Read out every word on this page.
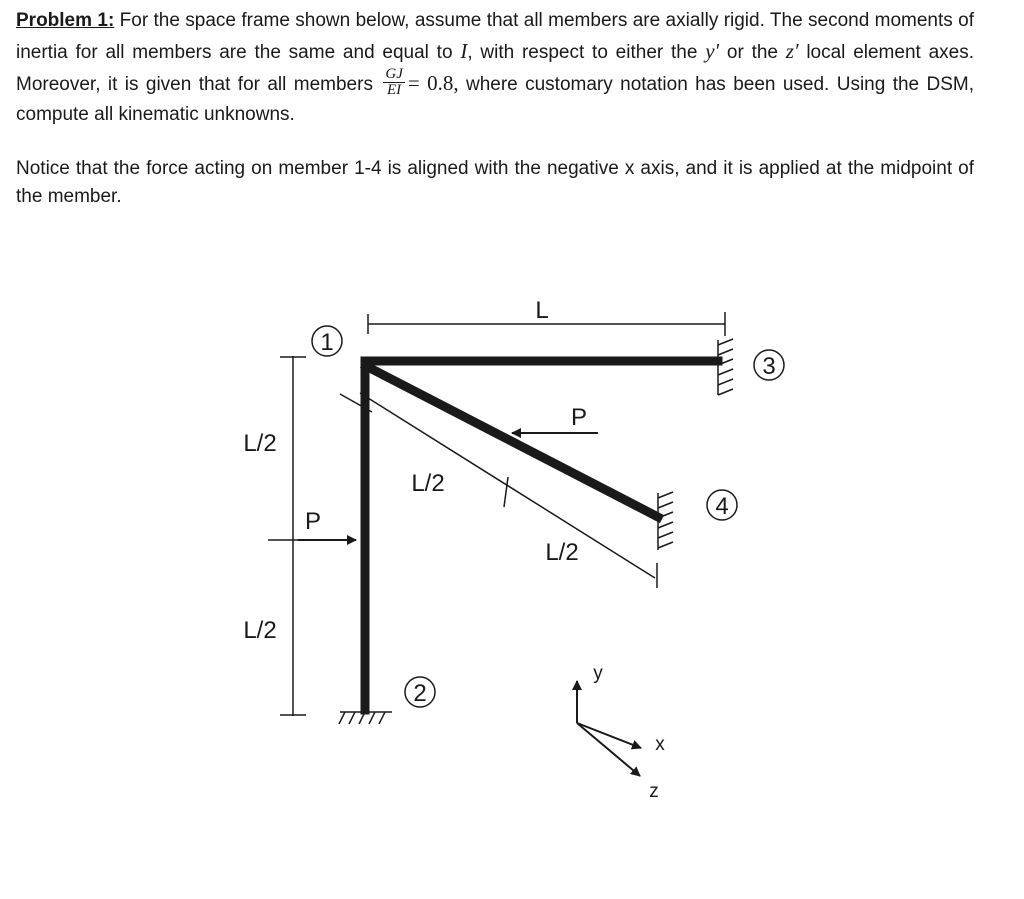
Problem 1: For the space frame shown below, assume that all members are axially rigid. The second moments of inertia for all members are the same and equal to I, with respect to either the y′ or the z′ local element axes. Moreover, it is given that for all members $\frac{GJ}{EI} = 0.8$, where customary notation has been used. Using the DSM, compute all kinematic unknowns.
Notice that the force acting on member 1-4 is aligned with the negative x axis, and it is applied at the midpoint of the member.
L
L/2
L/2
L/2
L/2
P
P
1
2
3
4
y
x
z
